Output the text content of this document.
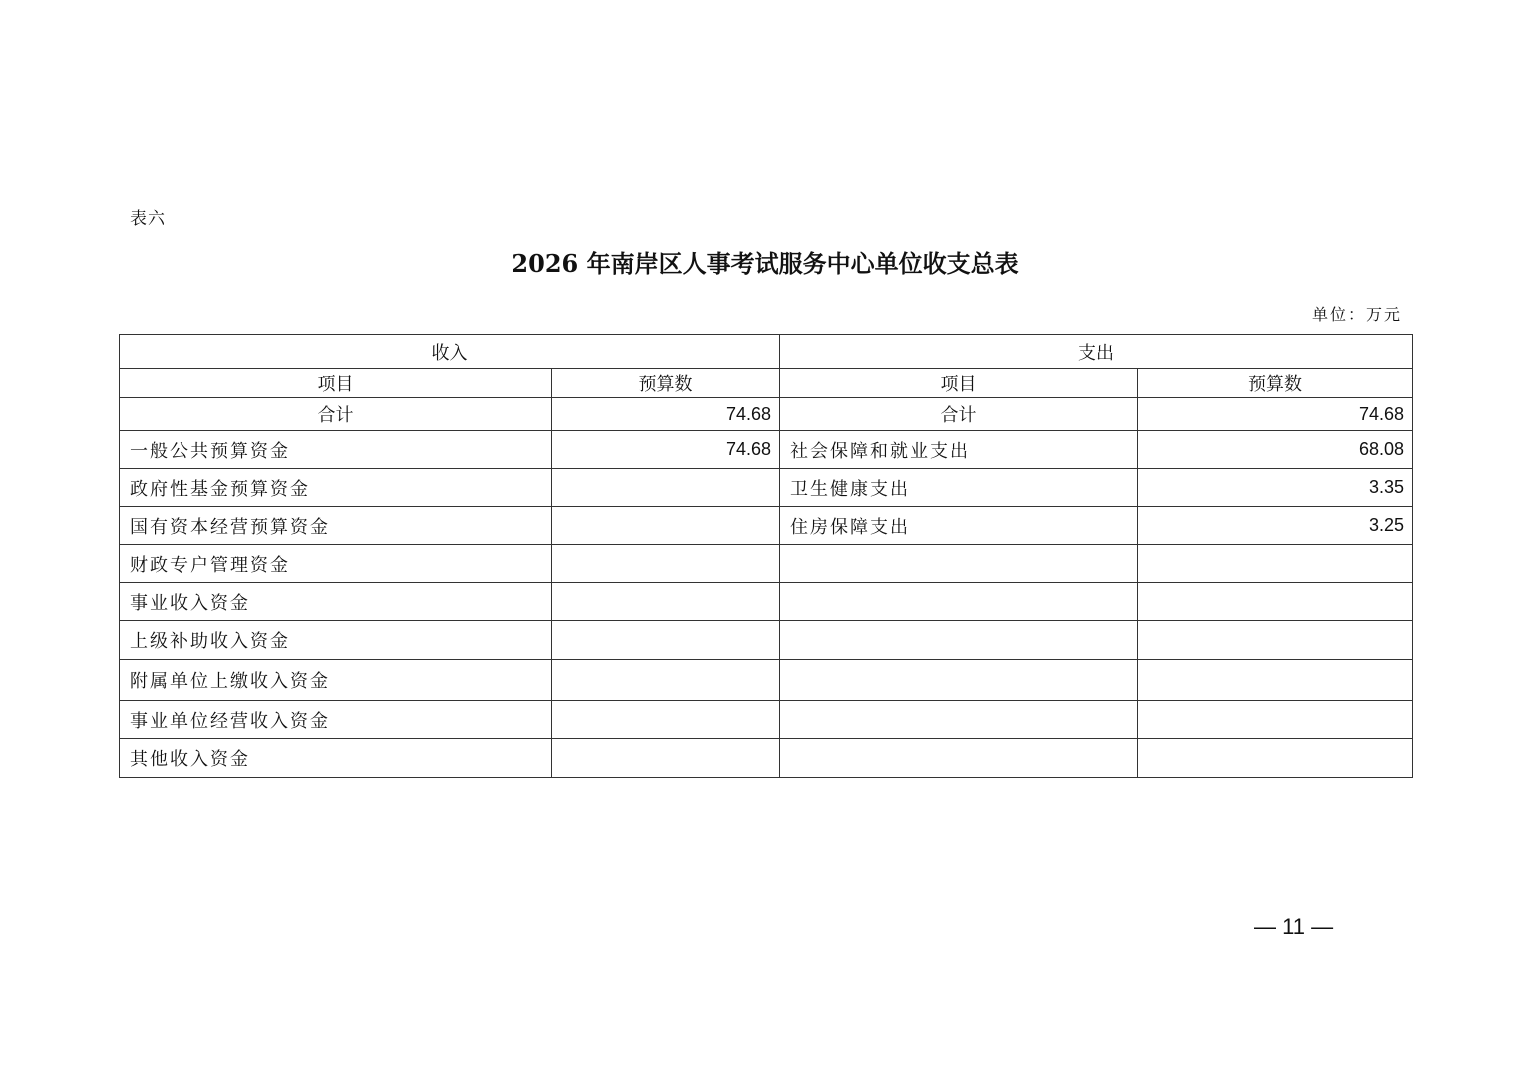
表六
2026 年南岸区人事考试服务中心单位收支总表
单位：万元
收入		支出	
项目	预算数	项目	预算数
合计	74.68	合计	74.68
一般公共预算资金	74.68	社会保障和就业支出	68.08
政府性基金预算资金		卫生健康支出	3.35
国有资本经营预算资金		住房保障支出	3.25
财政专户管理资金			
事业收入资金			
上级补助收入资金			
附属单位上缴收入资金			
事业单位经营收入资金			
其他收入资金			
— 11 —
